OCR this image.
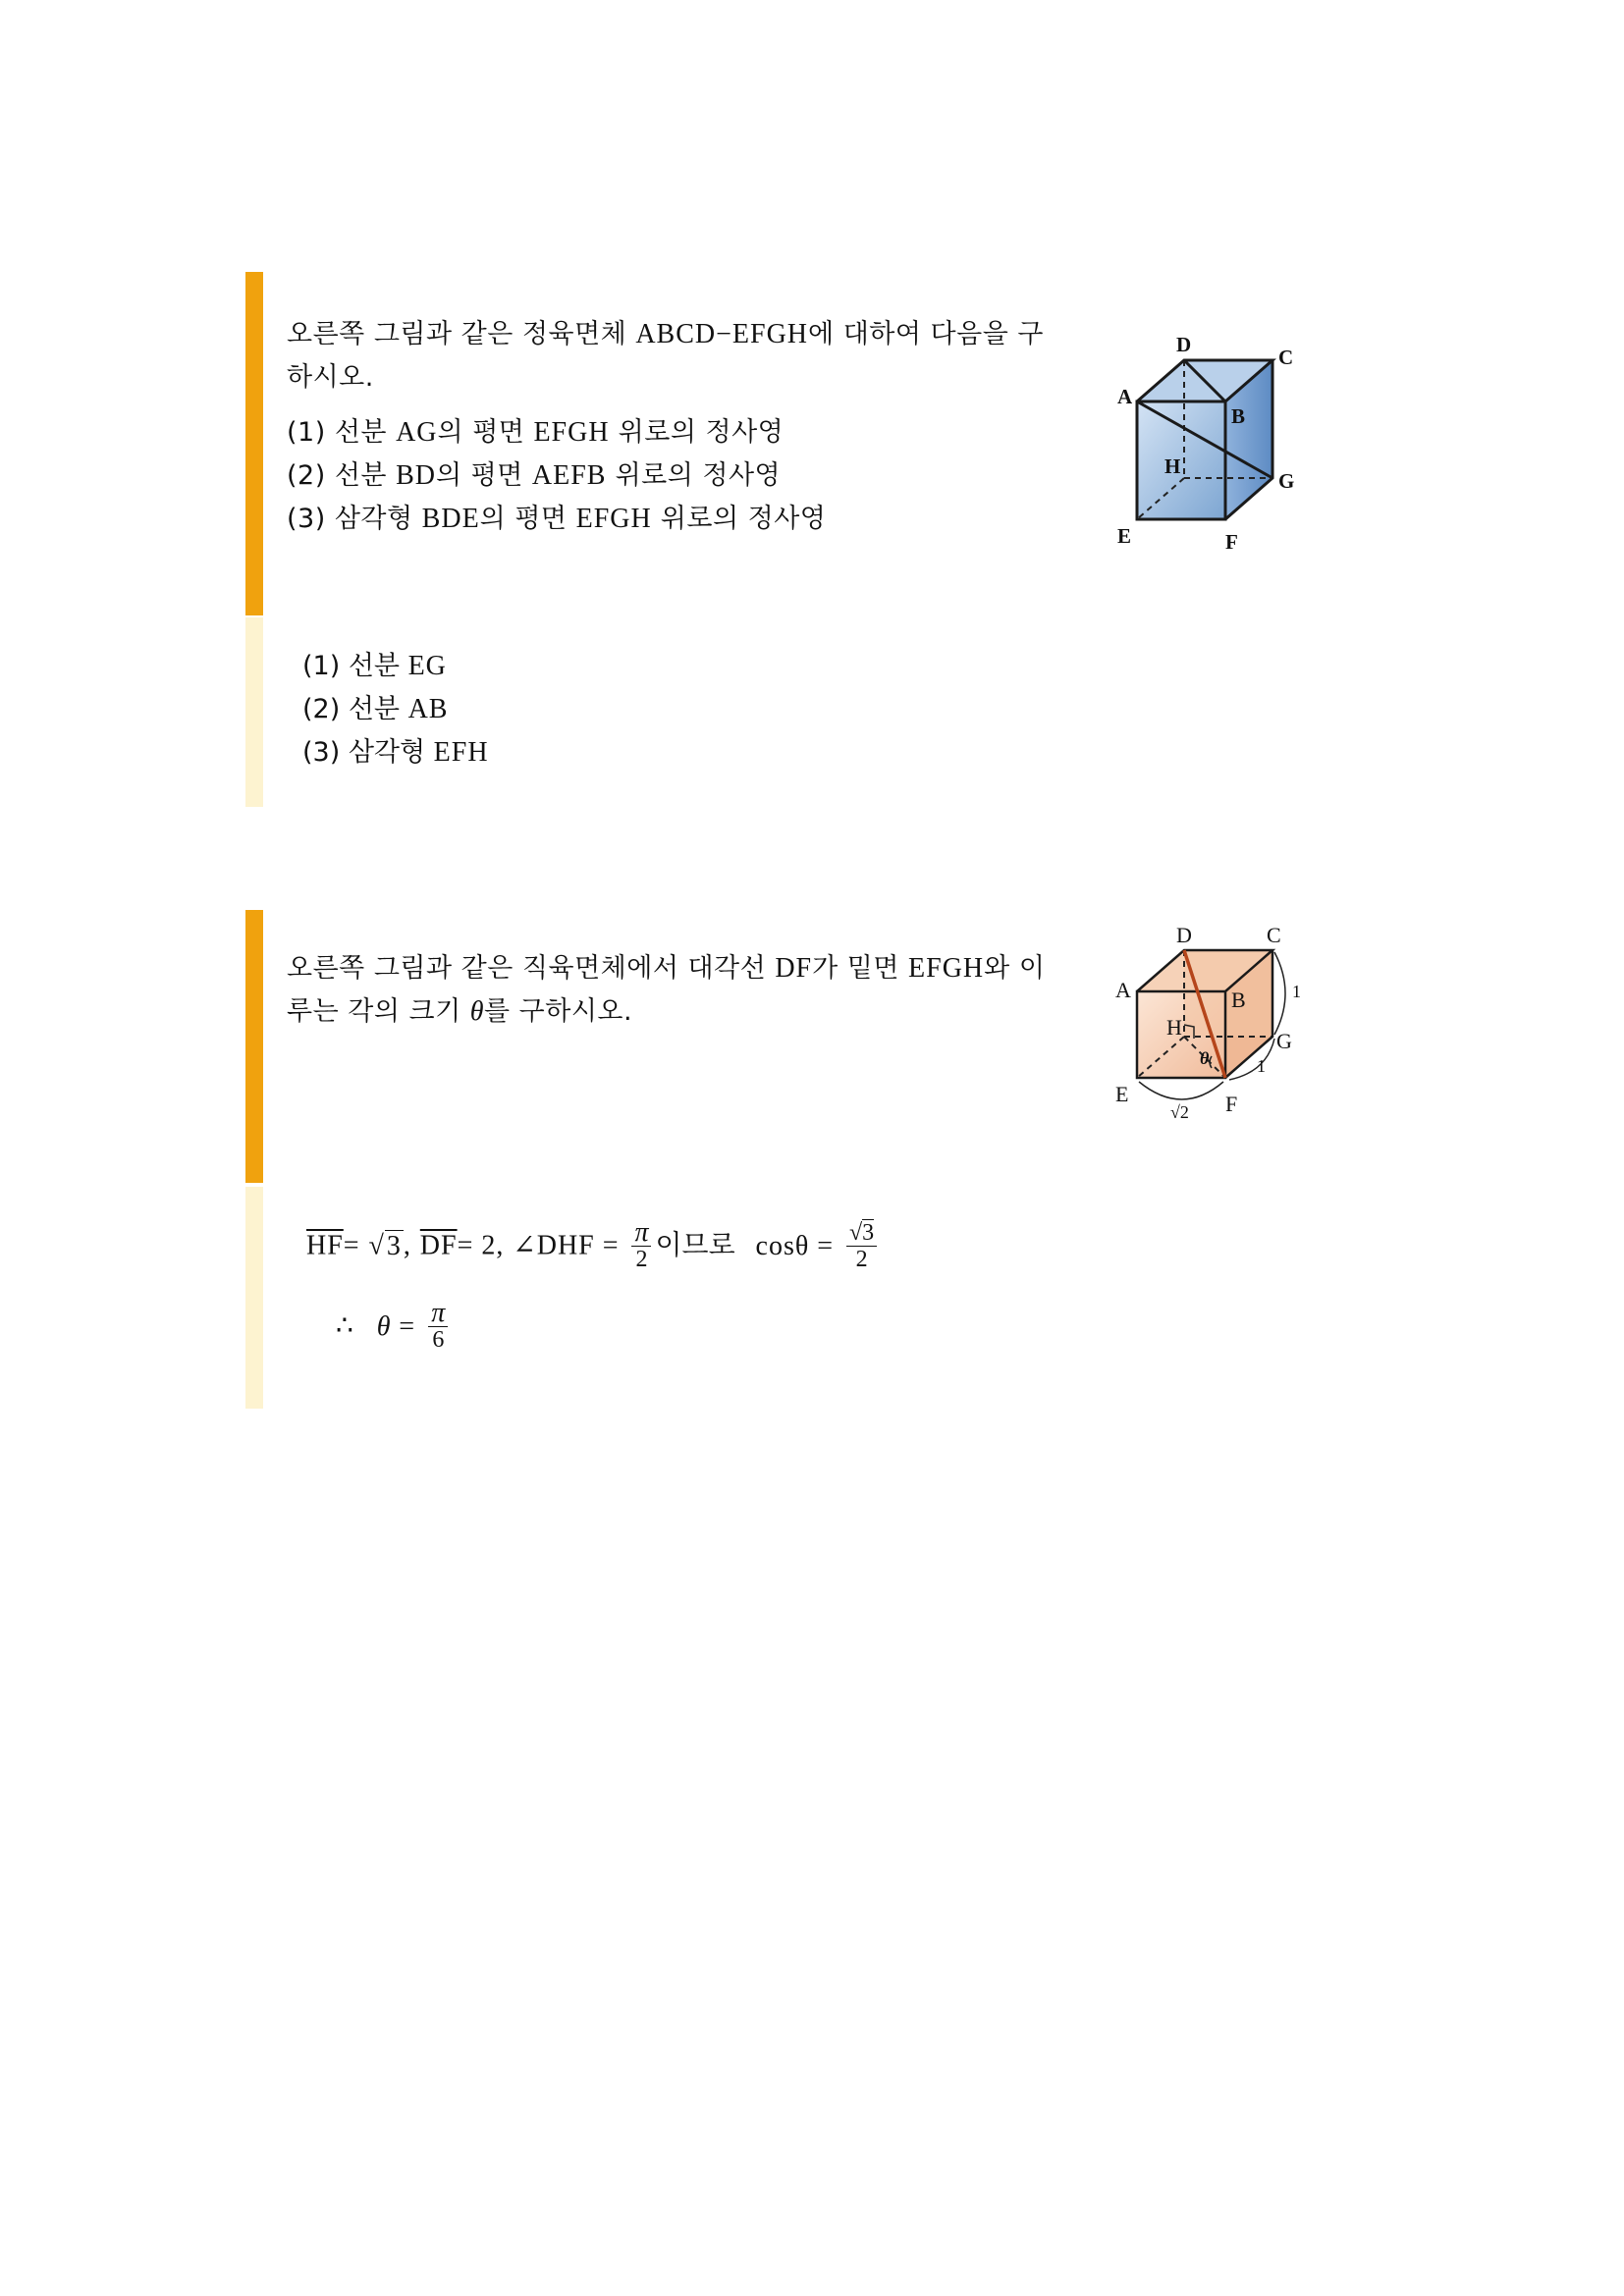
오른쪽 그림과 같은 정육면체 ABCD−EFGH에 대하여 다음을 구하시오.

(1) 선분 AG의 평면 EFGH 위로의 정사영

(2) 선분 BD의 평면 AEFB 위로의 정사영

(3) 삼각형 BDE의 평면 EFGH 위로의 정사영

(1) 선분 EG

(2) 선분 AB

(3) 삼각형 EFH

D
C
A
B
H
G
E	F

오른쪽 그림과 같은 직육면체에서 대각선 DF가 밑면 EFGH와 이루는 각의 크기 θ를 구하시오.

$\overline{HF}= √3$, $\overline{DF}= 2$, ∠DHF = $\frac{\pi}{2}$ 이므로 $\cos\theta = \frac{√3}{2}$
∴ $\theta = \frac{\pi}{6}$
D	C
A	B
H
G
E	F
1
1
√2
θ
